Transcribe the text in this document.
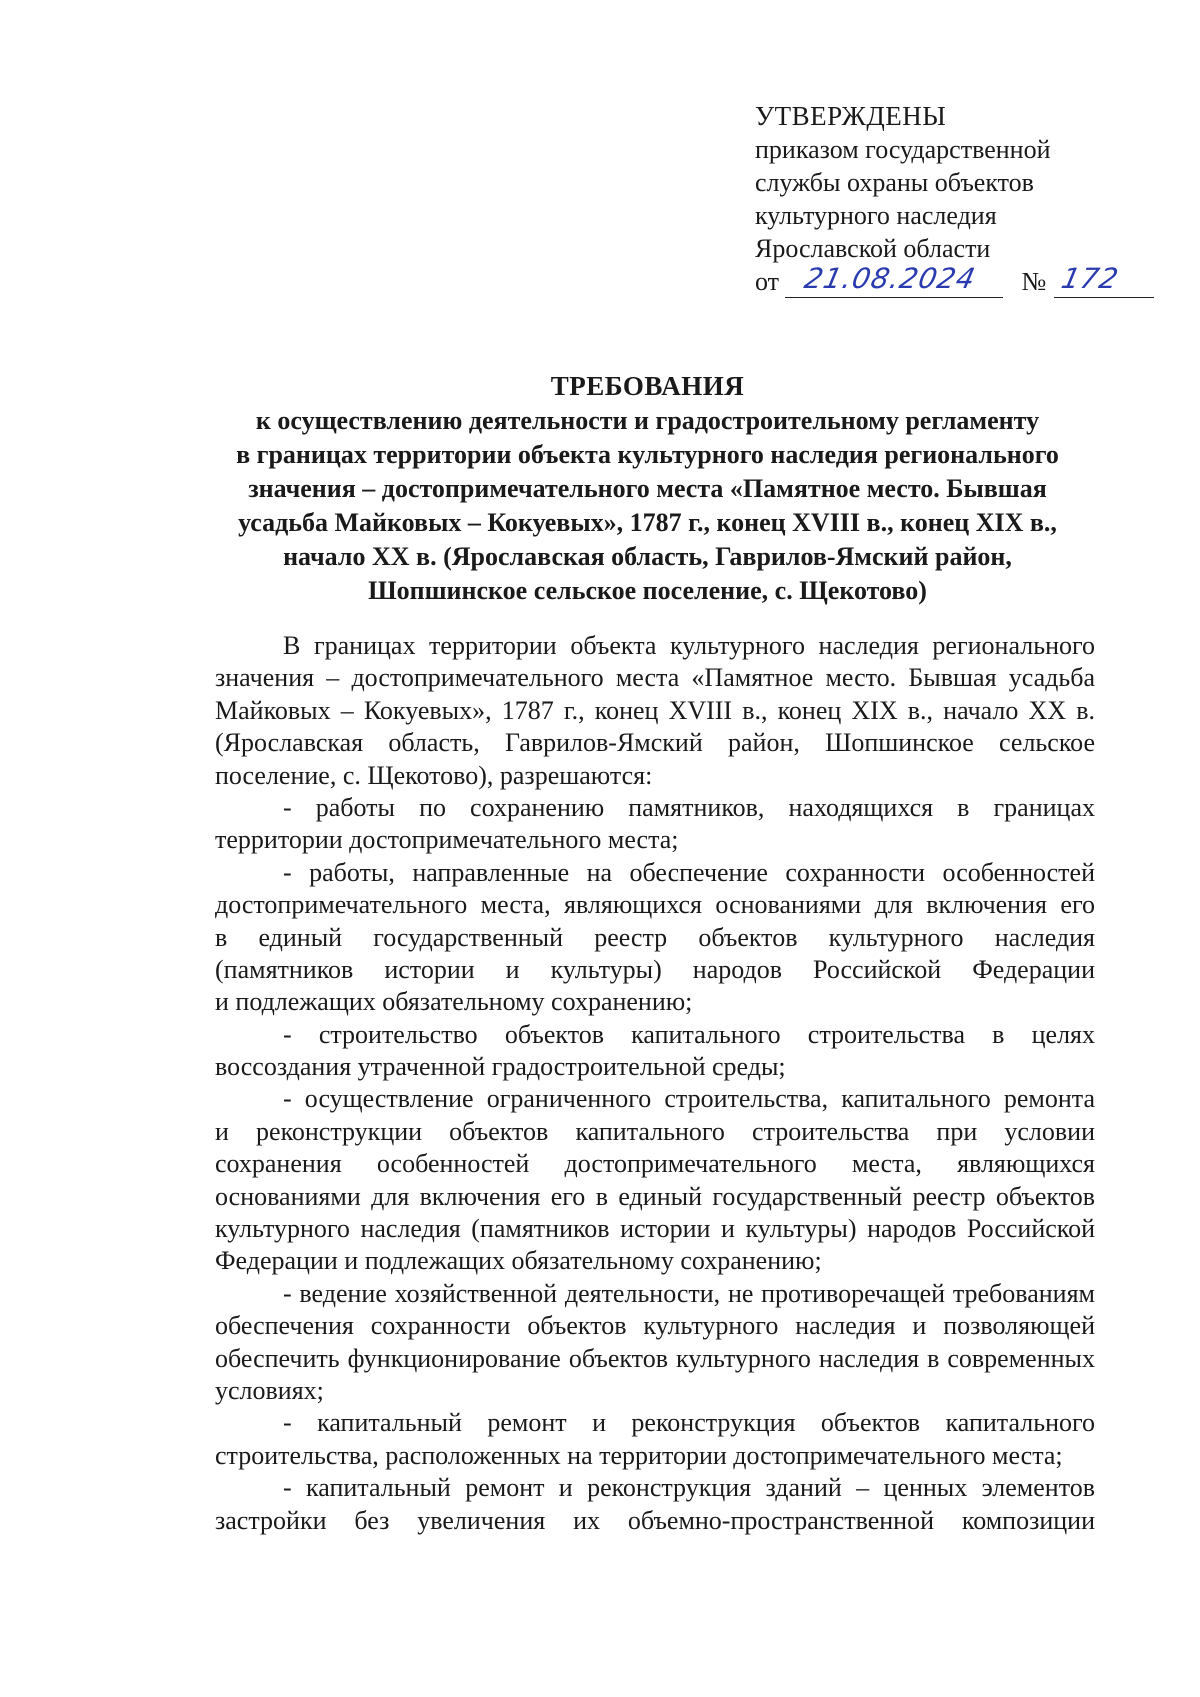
УТВЕРЖДЕНЫ
приказом государственной
службы охраны объектов
культурного наследия
Ярославской области
от 21.08.2024 № 172
ТРЕБОВАНИЯ
к осуществлению деятельности и градостроительному регламенту
в границах территории объекта культурного наследия регионального
значения – достопримечательного места «Памятное место. Бывшая
усадьба Майковых – Кокуевых», 1787 г., конец XVIII в., конец XIX в.,
начало XX в. (Ярославская область, Гаврилов-Ямский район,
Шопшинское сельское поселение, с. Щекотово)
В границах территории объекта культурного наследия регионального
значения – достопримечательного места «Памятное место. Бывшая усадьба
Майковых – Кокуевых», 1787 г., конец XVIII в., конец XIX в., начало XX в.
(Ярославская область, Гаврилов-Ямский район, Шопшинское сельское
поселение, с. Щекотово), разрешаются:
- работы по сохранению памятников, находящихся в границах
территории достопримечательного места;
- работы, направленные на обеспечение сохранности особенностей
достопримечательного места, являющихся основаниями для включения его
в единый государственный реестр объектов культурного наследия
(памятников истории и культуры) народов Российской Федерации
и подлежащих обязательному сохранению;
- строительство объектов капитального строительства в целях
воссоздания утраченной градостроительной среды;
- осуществление ограниченного строительства, капитального ремонта
и реконструкции объектов капитального строительства при условии
сохранения особенностей достопримечательного места, являющихся
основаниями для включения его в единый государственный реестр объектов
культурного наследия (памятников истории и культуры) народов Российской
Федерации и подлежащих обязательному сохранению;
- ведение хозяйственной деятельности, не противоречащей требованиям
обеспечения сохранности объектов культурного наследия и позволяющей
обеспечить функционирование объектов культурного наследия в современных
условиях;
- капитальный ремонт и реконструкция объектов капитального
строительства, расположенных на территории достопримечательного места;
- капитальный ремонт и реконструкция зданий – ценных элементов
застройки без увеличения их объемно-пространственной композиции
